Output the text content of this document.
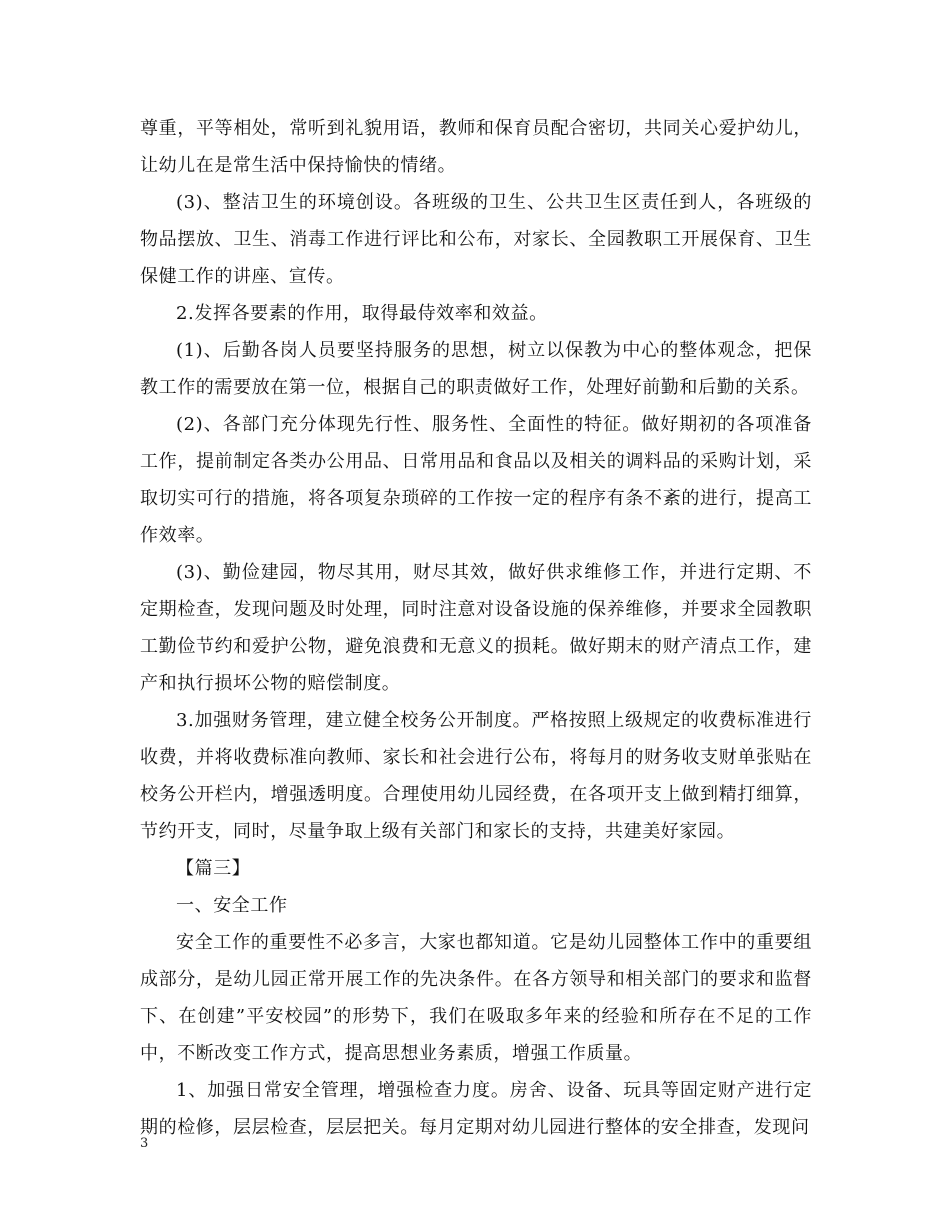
尊重，平等相处，常听到礼貌用语，教师和保育员配合密切，共同关心爱护幼儿，让幼儿在是常生活中保持愉快的情绪。

(3)、整洁卫生的环境创设。各班级的卫生、公共卫生区责任到人，各班级的物品摆放、卫生、消毒工作进行评比和公布，对家长、全园教职工开展保育、卫生保健工作的讲座、宣传。

2.发挥各要素的作用，取得最侍效率和效益。

(1)、后勤各岗人员要坚持服务的思想，树立以保教为中心的整体观念，把保教工作的需要放在第一位，根据自己的职责做好工作，处理好前勤和后勤的关系。

(2)、各部门充分体现先行性、服务性、全面性的特征。做好期初的各项准备工作，提前制定各类办公用品、日常用品和食品以及相关的调料品的采购计划，采取切实可行的措施，将各项复杂琐碎的工作按一定的程序有条不紊的进行，提高工作效率。

(3)、勤俭建园，物尽其用，财尽其效，做好供求维修工作，并进行定期、不定期检查，发现问题及时处理，同时注意对设备设施的保养维修，并要求全园教职工勤俭节约和爱护公物，避免浪费和无意义的损耗。做好期末的财产清点工作，建产和执行损坏公物的赔偿制度。

3.加强财务管理，建立健全校务公开制度。严格按照上级规定的收费标准进行收费，并将收费标准向教师、家长和社会进行公布，将每月的财务收支财单张贴在校务公开栏内，增强透明度。合理使用幼儿园经费，在各项开支上做到精打细算，节约开支，同时，尽量争取上级有关部门和家长的支持，共建美好家园。

【篇三】

一、安全工作

安全工作的重要性不必多言，大家也都知道。它是幼儿园整体工作中的重要组成部分，是幼儿园正常开展工作的先决条件。在各方领导和相关部门的要求和监督下、在创建”平安校园”的形势下，我们在吸取多年来的经验和所存在不足的工作中，不断改变工作方式，提高思想业务素质，增强工作质量。

1、加强日常安全管理，增强检查力度。房舍、设备、玩具等固定财产进行定期的检修，层层检查，层层把关。每月定期对幼儿园进行整体的安全排查，发现问

3
